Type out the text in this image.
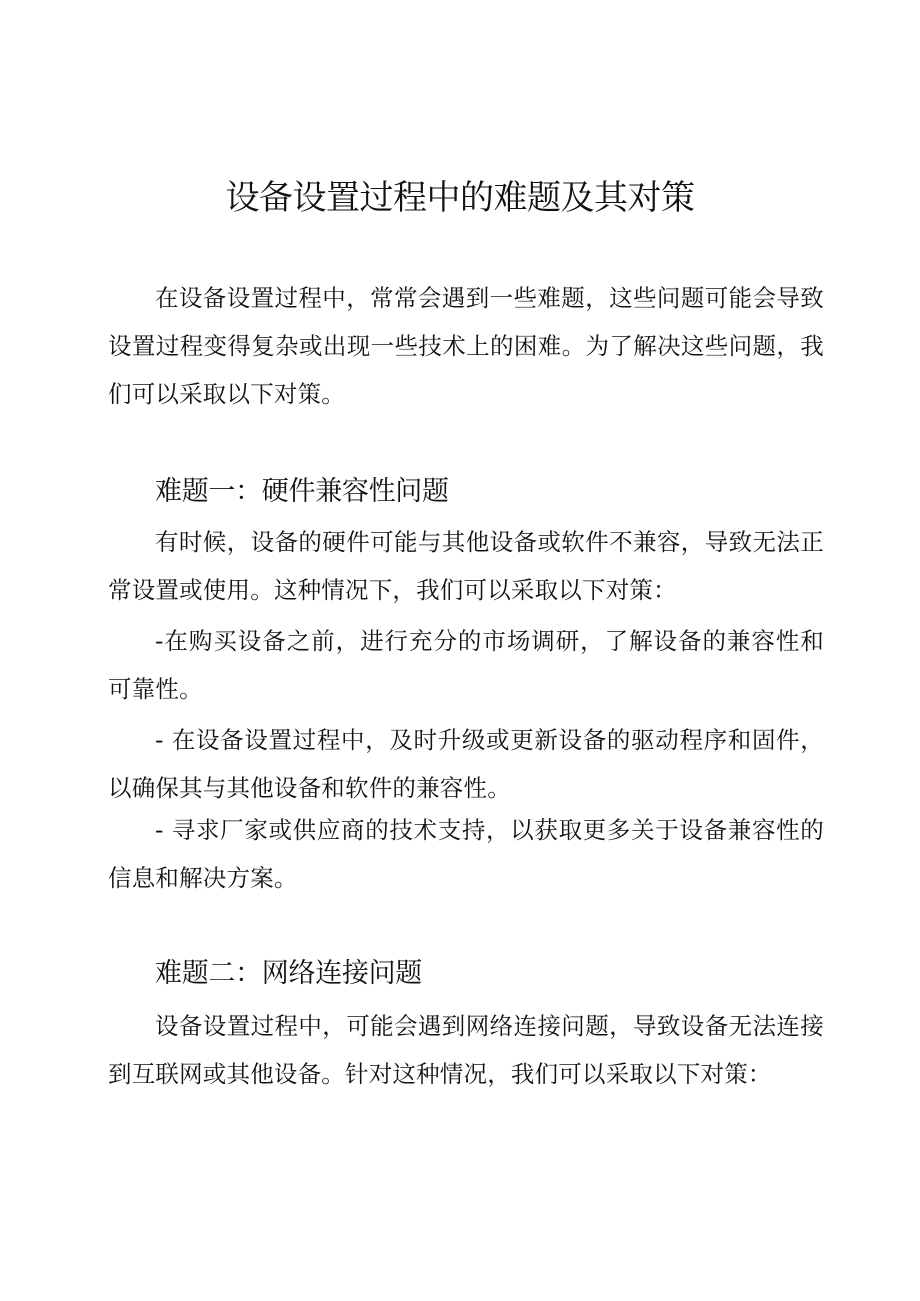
设备设置过程中的难题及其对策

在设备设置过程中，常常会遇到一些难题，这些问题可能会导致设置过程变得复杂或出现一些技术上的困难。为了解决这些问题，我们可以采取以下对策。

难题一：硬件兼容性问题

有时候，设备的硬件可能与其他设备或软件不兼容，导致无法正常设置或使用。这种情况下，我们可以采取以下对策：

-在购买设备之前，进行充分的市场调研，了解设备的兼容性和可靠性。

- 在设备设置过程中，及时升级或更新设备的驱动程序和固件，以确保其与其他设备和软件的兼容性。

- 寻求厂家或供应商的技术支持，以获取更多关于设备兼容性的信息和解决方案。

难题二：网络连接问题

设备设置过程中，可能会遇到网络连接问题，导致设备无法连接到互联网或其他设备。针对这种情况，我们可以采取以下对策：
